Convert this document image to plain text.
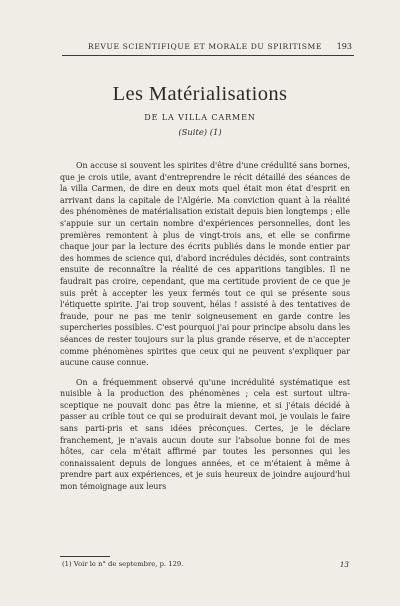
REVUE SCIENTIFIQUE ET MORALE DU SPIRITISME	193
Les Matérialisations
DE LA VILLA CARMEN
(Suite) (1)

On accuse si souvent les spirites d'être d'une crédulité sans bornes, que je crois utile, avant d'entreprendre le récit détaillé des séances de la villa Carmen, de dire en deux mots quel était mon état d'esprit en arrivant dans la capitale de l'Algérie. Ma conviction quant à la réalité des phénomènes de matérialisation existait depuis bien longtemps ; elle s'appuie sur un certain nombre d'expériences personnelles, dont les premières remontent à plus de vingt-trois ans, et elle se confirme chaque jour par la lecture des écrits publiés dans le monde entier par des hommes de science qui, d'abord incrédules décidés, sont contraints ensuite de reconnaître la réalité de ces apparitions tangibles. Il ne faudrait pas croire, cependant, que ma certitude provient de ce que je suis prêt à accepter les yeux fermés tout ce qui se présente sous l'étiquette spirite. J'ai trop souvent, hélas ! assisté à des tentatives de fraude, pour ne pas me tenir soigneusement en garde contre les supercheries possibles. C'est pourquoi j'ai pour principe absolu dans les séances de rester toujours sur la plus grande réserve, et de n'accepter comme phénomènes spirites que ceux qui ne peuvent s'expliquer par aucune cause connue.

On a fréquemment observé qu'une incrédulité systématique est nuisible à la production des phénomènes ; cela est surtout ultra-sceptique ne pouvait donc pas être la mienne, et si j'étais décidé à passer au crible tout ce qui se produirait devant moi, je voulais le faire sans parti-pris et sans idées préconçues. Certes, je le déclare franchement, je n'avais aucun doute sur l'absolue bonne foi de mes hôtes, car cela m'était affirmé par toutes les personnes qui les connaissaient depuis de longues années, et ce m'étaient à même à prendre part aux expériences, et je suis heureux de joindre aujourd'hui mon témoignage aux leurs

(1) Voir le n° de septembre, p. 129.	13
